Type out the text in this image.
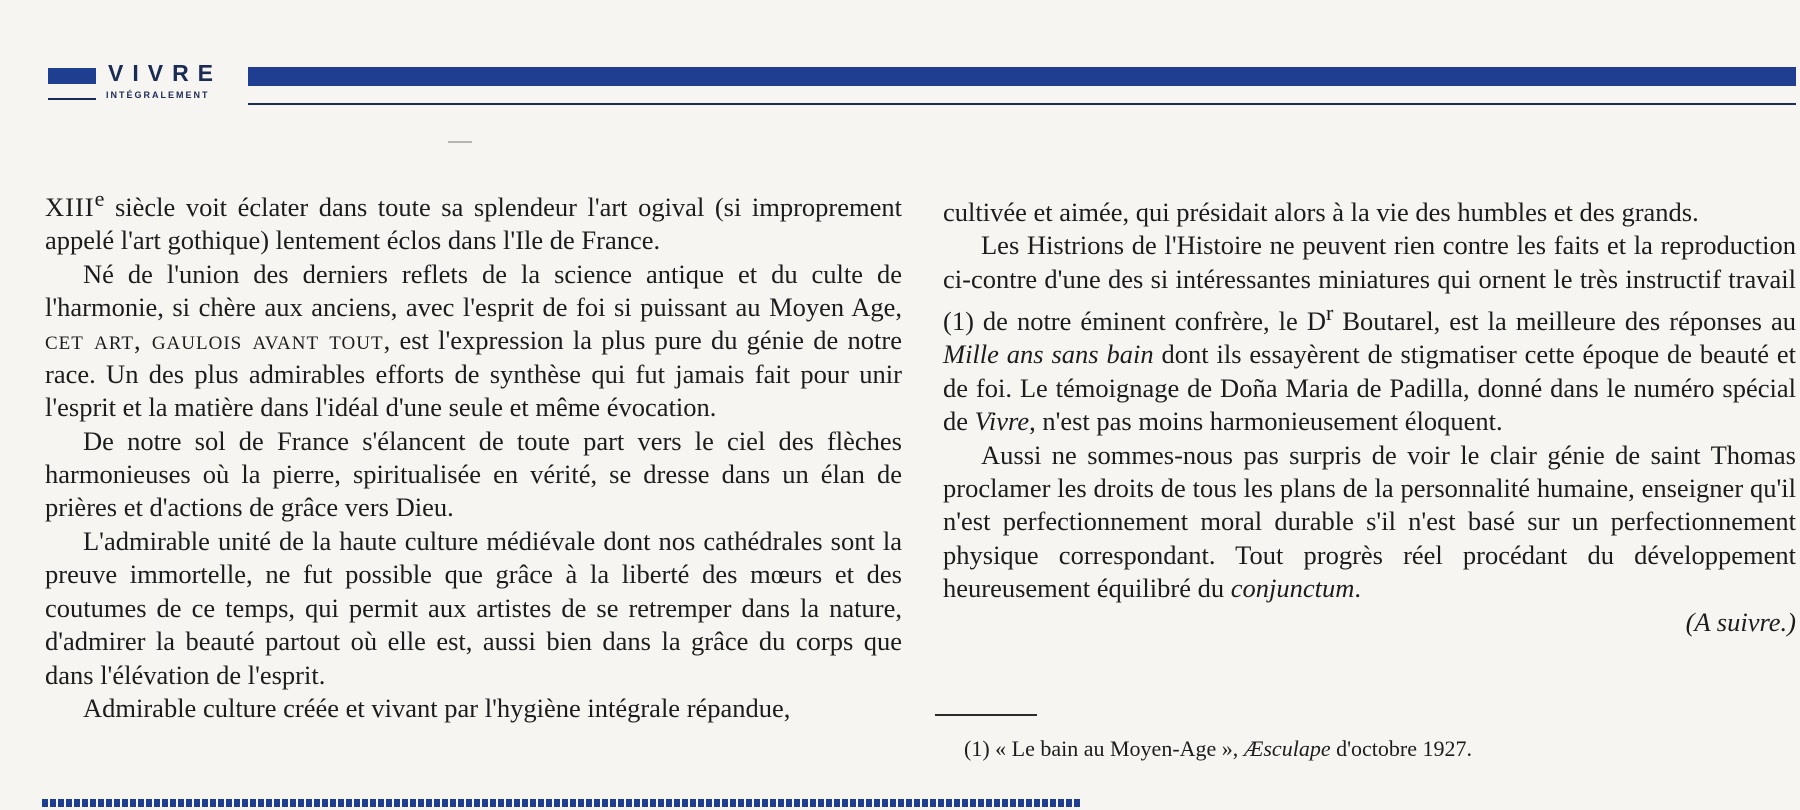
VIVRE
INTÉGRALEMENT

XIIIe siècle voit éclater dans toute sa splendeur l'art ogival (si improprement appelé l'art gothique) lentement éclos dans l'Ile de France.

Né de l'union des derniers reflets de la science antique et du culte de l'harmonie, si chère aux anciens, avec l'esprit de foi si puissant au Moyen Age, cet art, gaulois avant tout, est l'expression la plus pure du génie de notre race. Un des plus admirables efforts de synthèse qui fut jamais fait pour unir l'esprit et la matière dans l'idéal d'une seule et même évocation.

De notre sol de France s'élancent de toute part vers le ciel des flèches harmonieuses où la pierre, spiritualisée en vérité, se dresse dans un élan de prières et d'actions de grâce vers Dieu.

L'admirable unité de la haute culture médiévale dont nos cathédrales sont la preuve immortelle, ne fut possible que grâce à la liberté des mœurs et des coutumes de ce temps, qui permit aux artistes de se retremper dans la nature, d'admirer la beauté partout où elle est, aussi bien dans la grâce du corps que dans l'élévation de l'esprit.

Admirable culture créée et vivant par l'hygiène intégrale répandue,

cultivée et aimée, qui présidait alors à la vie des humbles et des grands.

Les Histrions de l'Histoire ne peuvent rien contre les faits et la reproduction ci-contre d'une des si intéressantes miniatures qui ornent le très instructif travail (1) de notre éminent confrère, le $D^r$ Boutarel, est la meilleure des réponses au Mille ans sans bain dont ils essayèrent de stigmatiser cette époque de beauté et de foi. Le témoignage de Doña Maria de Padilla, donné dans le numéro spécial de Vivre, n'est pas moins harmonieusement éloquent.

Aussi ne sommes-nous pas surpris de voir le clair génie de saint Thomas proclamer les droits de tous les plans de la personnalité humaine, enseigner qu'il n'est perfectionnement moral durable s'il n'est basé sur un perfectionnement physique correspondant. Tout progrès réel procédant du développement heureusement équilibré du conjunctum.

(A suivre.)

(1) « Le bain au Moyen-Age », Æsculape d'octobre 1927.
